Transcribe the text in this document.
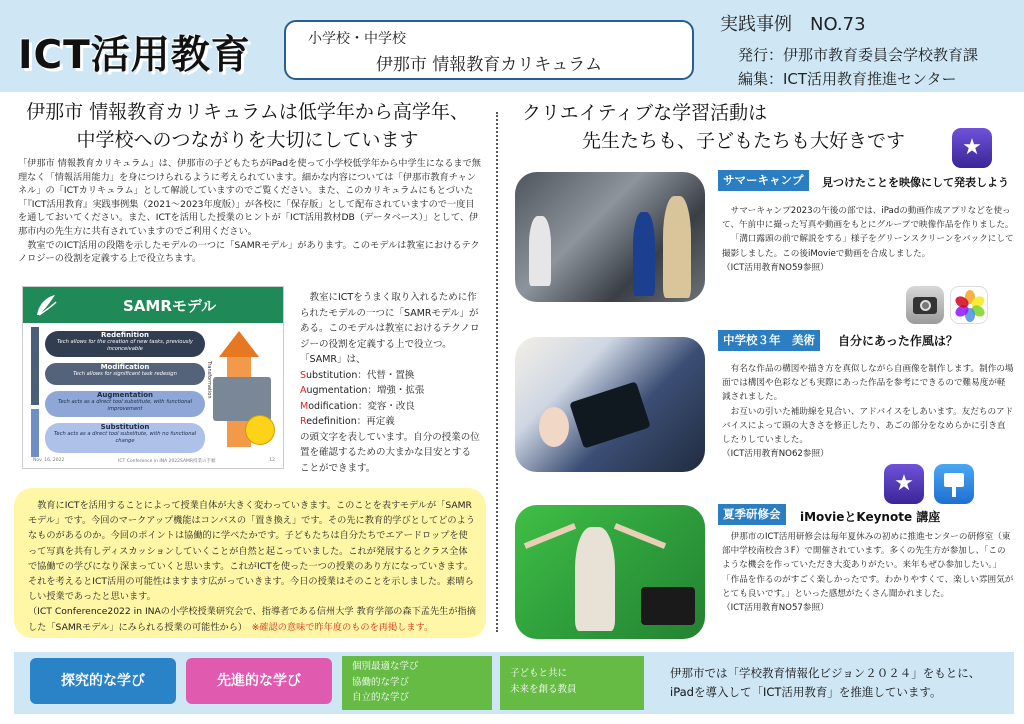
ICT活用教育	小学校・中学校
伊那市 情報教育カリキュラム
実践事例　NO.73
発行：伊那市教育委員会学校教育課
編集：ICT活用教育推進センター
伊那市 情報教育カリキュラムは低学年から高学年、
中学校へのつながりを大切にしています

「伊那市 情報教育カリキュラム」は、伊那市の子どもたちがiPadを使って小学校低学年から中学生になるまで無理なく「情報活用能力」を身につけられるように考えられています。細かな内容については「伊那市教育チャンネル」の「ICTカリキュラム」として解説していますのでご覧ください。また、このカリキュラムにもとづいた「『ICT活用教育』実践事例集（2021～2023年度版）」が各校に「保存版」として配布されていますので一度目を通しておいてください。また、ICTを活用した授業のヒントが「ICT活用教材DB（データベース）」として、伊那市内の先生方に共有されていますのでご利用ください。

教室でのICT活用の段階を示したモデルの一つに「SAMRモデル」があります。このモデルは教室におけるテクノロジーの役割を定義する上で役立ちます。

SAMRモデル
Redefinition
Tech allows for the creation of new tasks, previously inconceivable
Modification
Tech allows for significant task redesign
Augmentation
Tech acts as a direct tool substitute, with functional improvement
Substitution
Tech acts as a direct tool substitute, with no functional change
Transformation
Nov. 16, 2022	ICT Conference in INA 2022SAMR授業の手順	12
教室にICTをうまく取り入れるために作られたモデルの一つに「SAMRモデル」がある。このモデルは教室におけるテクノロジーの役割を定義する上で役立つ。
「SAMR」は、
Substitution：代替・置換
Augmentation：増強・拡張
Modification：変容・改良
Redefinition：再定義
の頭文字を表しています。自分の授業の位置を確認するための大まかな目安とすることができます。
教育にICTを活用することによって授業自体が大きく変わっていきます。このことを表すモデルが「SAMRモデル」です。今回のマークアップ機能はコンパスの「置き換え」です。その先に教育的学びとしてどのようなものがあるのか。今回のポイントは協働的に学べたかです。子どもたちは自分たちでエアードロップを使って写真を共有しディスカッションしていくことが自然と起こっていました。これが発展するとクラス全体で協働での学びになり深まっていくと思います。これがICTを使った一つの授業のあり方になっていきます。それを考えるとICT活用の可能性はますます広がっていきます。今日の授業はそのことを示しました。素晴らしい授業であったと思います。
（ICT Conference2022 in INAの小学校授業研究会で、指導者である信州大学 教育学部の森下孟先生が指摘した「SAMRモデル」にみられる授業の可能性から）　 ※確認の意味で昨年度のものを再掲します。
クリエイティブな学習活動は
先生たちも、子どもたちも大好きです
★
サマーキャンプ	見つけたことを映像にして発表しよう

サマーキャンプ2023の午後の部では、iPadの動画作成アプリなどを使って、午前中に撮った写真や動画をもとにグループで映像作品を作りました。

「溝口露頭の前で解説をする」様子をグリーンスクリーンをバックにして撮影しました。この後iMovieで動画を合成しました。

（ICT活用教育NO59参照）

中学校３年　美術	自分にあった作風は？

有名な作品の構図や描き方を真似しながら自画像を制作します。制作の場面では構図や色彩なども実際にあった作品を参考にできるので難易度が軽減されました。

お互いの引いた補助線を見合い、アドバイスをしあいます。友だちのアドバイスによって頭の大きさを修正したり、あごの部分をなめらかに引き直したりしていました。

（ICT活用教育NO62参照）

★
夏季研修会	iMovieとKeynote 講座

伊那市のICT活用研修会は毎年夏休みの初めに推進センターの研修室（東部中学校南校舎３F）で開催されています。多くの先生方が参加し、「このような機会を作っていただき大変ありがたい。来年もぜひ参加したい。」「作品を作るのがすごく楽しかったです。わかりやすくて、楽しい雰囲気がとても良いです。」といった感想がたくさん聞かれました。

（ICT活用教育NO57参照）

探究的な学び	先進的な学び
個別最適な学び
協働的な学び
自立的な学び
子どもと共に
未来を創る教員
伊那市では「学校教育情報化ビジョン２０２４」をもとに、
iPadを導入して「ICT活用教育」を推進しています。
